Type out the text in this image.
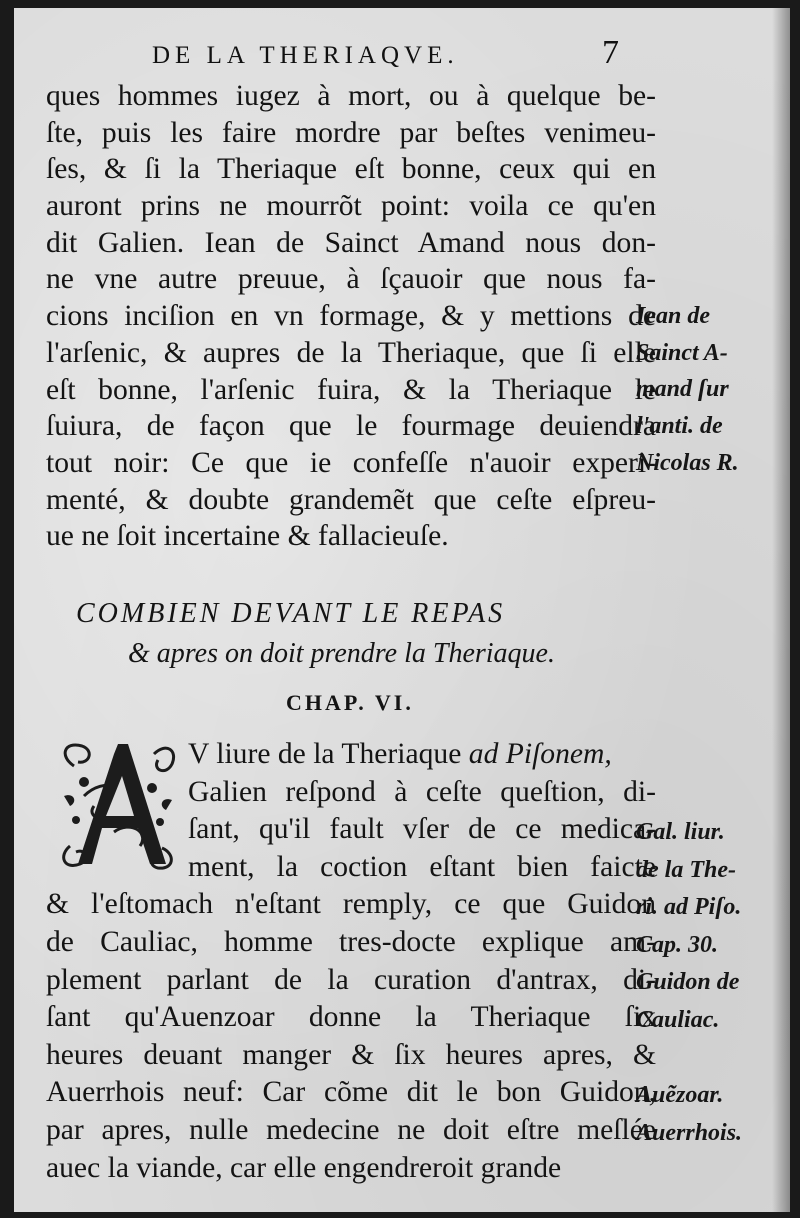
DE LA THERIAQVE.	7
ques hommes iugez à mort, ou à quelque be-
ſte, puis les faire mordre par beſtes venimeu-
ſes, & ſi la Theriaque eſt bonne, ceux qui en
auront prins ne mourrõt point: voila ce qu'en
dit Galien. Iean de Sainct Amand nous don-
ne vne autre preuue, à ſçauoir que nous fa-
cions inciſion en vn formage, & y mettions de
l'arſenic, & aupres de la Theriaque, que ſi elle
eſt bonne, l'arſenic fuira, & la Theriaque le
ſuiura, de façon que le fourmage deuiendra
tout noir: Ce que ie confeſſe n'auoir experi-
menté, & doubte grandemẽt que ceſte eſpreu-
ue ne ſoit incertaine & fallacieuſe.
Iean de
Sainct A-
mand ſur
l'anti. de
Nicolas R.
COMBIEN DEVANT LE REPAS
& apres on doit prendre la Theriaque.
CHAP. VI.
V liure de la Theriaque ad Piſonem,
Galien reſpond à ceſte queſtion, di-
ſant, qu'il fault vſer de ce medica-
ment, la coction eſtant bien faicte
& l'eſtomach n'eſtant remply, ce que Guidon
de Cauliac, homme tres-docte explique am-
plement parlant de la curation d'antrax, di-
ſant qu'Auenzoar donne la Theriaque ſix
heures deuant manger & ſix heures apres, &
Auerrhois neuf: Car cõme dit le bon Guidon,
par apres, nulle medecine ne doit eſtre meſlée
auec la viande, car elle engendreroit grande
Gal. liur.
de la The-
ri. ad Piſo.
Cap. 30.
Guidon de
Cauliac.
Auẽzoar.
Auerrhois.
